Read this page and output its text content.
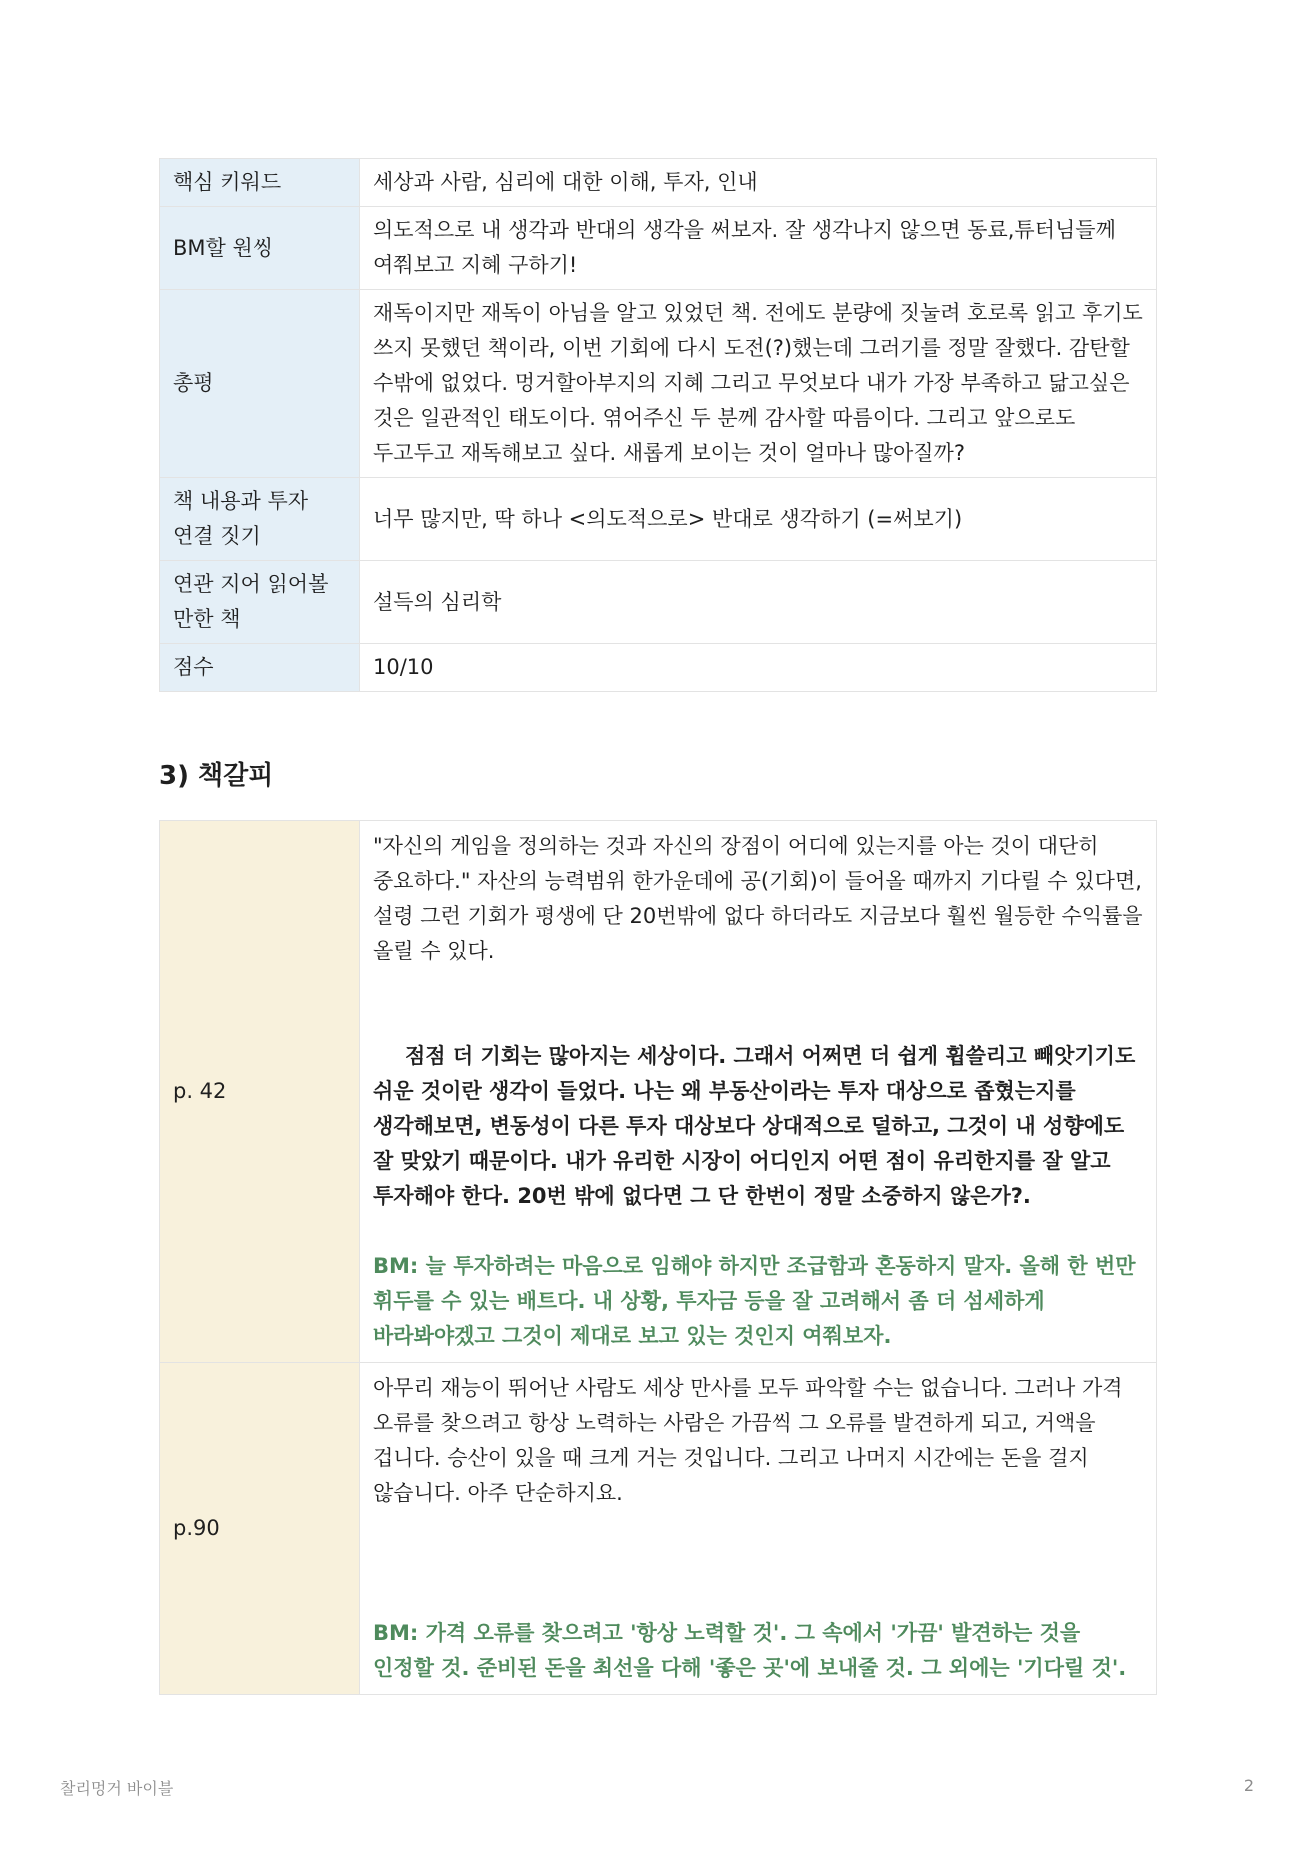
핵심 키워드	세상과 사람, 심리에 대한 이해, 투자, 인내
BM할 원씽	의도적으로 내 생각과 반대의 생각을 써보자. 잘 생각나지 않으면 동료,튜터님들께 여쭤보고 지혜 구하기!
총평	재독이지만 재독이 아님을 알고 있었던 책. 전에도 분량에 짓눌려 호로록 읽고 후기도 쓰지 못했던 책이라, 이번 기회에 다시 도전(?)했는데 그러기를 정말 잘했다. 감탄할 수밖에 없었다. 멍거할아부지의 지혜 그리고 무엇보다 내가 가장 부족하고 닮고싶은 것은 일관적인 태도이다. 엮어주신 두 분께 감사할 따름이다. 그리고 앞으로도 두고두고 재독해보고 싶다. 새롭게 보이는 것이 얼마나 많아질까?
책 내용과 투자 연결 짓기	너무 많지만, 딱 하나 <의도적으로> 반대로 생각하기 (=써보기)
연관 지어 읽어볼 만한 책	설득의 심리학
점수	10/10
3) 책갈피
p. 42	"자신의 게임을 정의하는 것과 자신의 장점이 어디에 있는지를 아는 것이 대단히 중요하다." 자산의 능력범위 한가운데에 공(기회)이 들어올 때까지 기다릴 수 있다면, 설령 그런 기회가 평생에 단 20번밖에 없다 하더라도 지금보다 훨씬 월등한 수익률을 올릴 수 있다.

점점 더 기회는 많아지는 세상이다. 그래서 어쩌면 더 쉽게 휩쓸리고 빼앗기기도 쉬운 것이란 생각이 들었다. 나는 왜 부동산이라는 투자 대상으로 좁혔는지를 생각해보면, 변동성이 다른 투자 대상보다 상대적으로 덜하고, 그것이 내 성향에도 잘 맞았기 때문이다. 내가 유리한 시장이 어디인지 어떤 점이 유리한지를 잘 알고 투자해야 한다. 20번 밖에 없다면 그 단 한번이 정말 소중하지 않은가?.

BM: 늘 투자하려는 마음으로 임해야 하지만 조급함과 혼동하지 말자. 올해 한 번만 휘두를 수 있는 배트다. 내 상황, 투자금 등을 잘 고려해서 좀 더 섬세하게 바라봐야겠고 그것이 제대로 보고 있는 것인지 여쭤보자.

p.90	아무리 재능이 뛰어난 사람도 세상 만사를 모두 파악할 수는 없습니다. 그러나 가격 오류를 찾으려고 항상 노력하는 사람은 가끔씩 그 오류를 발견하게 되고, 거액을 겁니다. 승산이 있을 때 크게 거는 것입니다. 그리고 나머지 시간에는 돈을 걸지 않습니다. 아주 단순하지요.

BM: 가격 오류를 찾으려고 '항상 노력할 것'. 그 속에서 '가끔' 발견하는 것을 인정할 것. 준비된 돈을 최선을 다해 '좋은 곳'에 보내줄 것. 그 외에는 '기다릴 것'.

찰리멍거 바이블	2
